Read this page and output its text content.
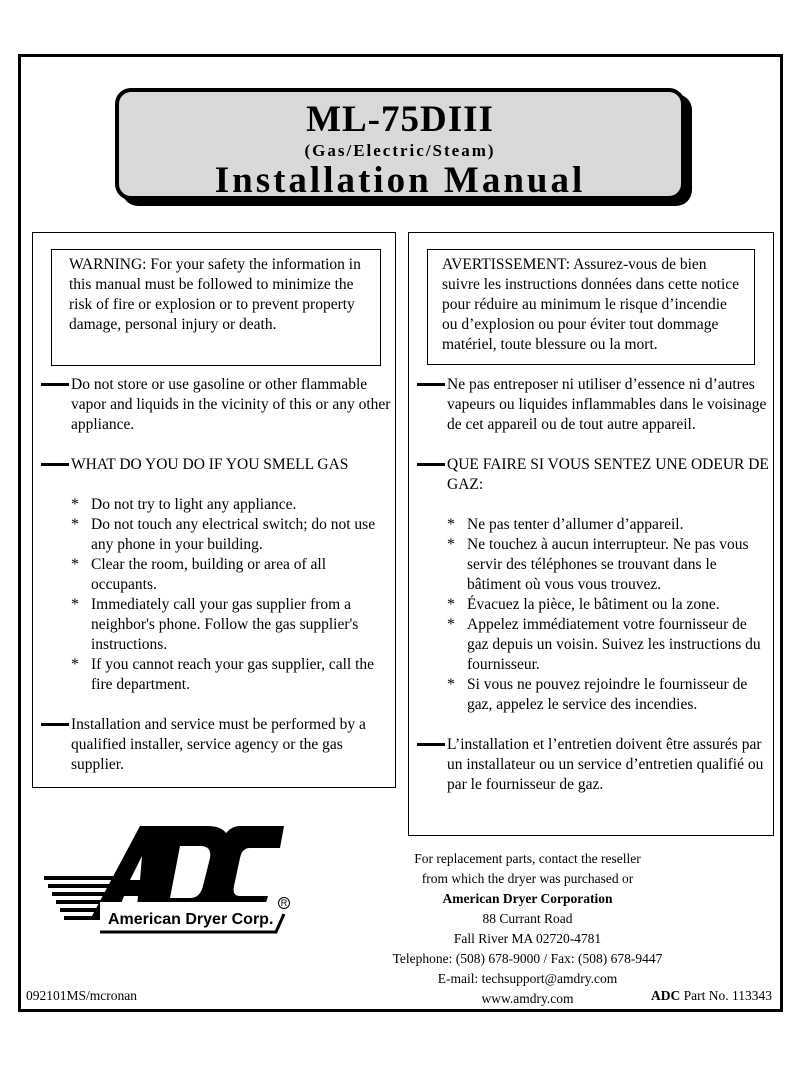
ML-75DIII
(Gas/Electric/Steam)
Installation Manual
WARNING: For your safety the information in this manual must be followed to minimize the risk of fire or explosion or to prevent property damage, personal injury or death.
Do not store or use gasoline or other flammable vapor and liquids in the vicinity of this or any other appliance.
WHAT DO YOU DO IF YOU SMELL GAS
* Do not try to light any appliance.
* Do not touch any electrical switch; do not use any phone in your building.
* Clear the room, building or area of all occupants.
* Immediately call your gas supplier from a neighbor's phone. Follow the gas supplier's instructions.
* If you cannot reach your gas supplier, call the fire department.
Installation and service must be performed by a qualified installer, service agency or the gas supplier.
AVERTISSEMENT: Assurez-vous de bien suivre les instructions données dans cette notice pour réduire au minimum le risque d’incendie ou d’explosion ou pour éviter tout dommage matériel, toute blessure ou la mort.
Ne pas entreposer ni utiliser d’essence ni d’autres vapeurs ou liquides inflammables dans le voisinage de cet appareil ou de tout autre appareil.
QUE FAIRE SI VOUS SENTEZ UNE ODEUR DE GAZ:
* Ne pas tenter d’allumer d’appareil.
* Ne touchez à aucun interrupteur. Ne pas vous servir des téléphones se trouvant dans le bâtiment où vous vous trouvez.
* Évacuez la pièce, le bâtiment ou la zone.
* Appelez immédiatement votre fournisseur de gaz depuis un voisin. Suivez les instructions du fournisseur.
* Si vous ne pouvez rejoindre le fournisseur de gaz, appelez le service des incendies.
L’installation et l’entretien doivent être assurés par un installateur ou un service d’entretien qualifié ou par le fournisseur de gaz.
American Dryer Corp.
R
For replacement parts, contact the reseller
from which the dryer was purchased or
American Dryer Corporation
88 Currant Road
Fall River MA 02720-4781
Telephone: (508) 678-9000 / Fax: (508) 678-9447
E-mail: techsupport@amdry.com
www.amdry.com
092101MS/mcronan	ADC Part No. 113343
